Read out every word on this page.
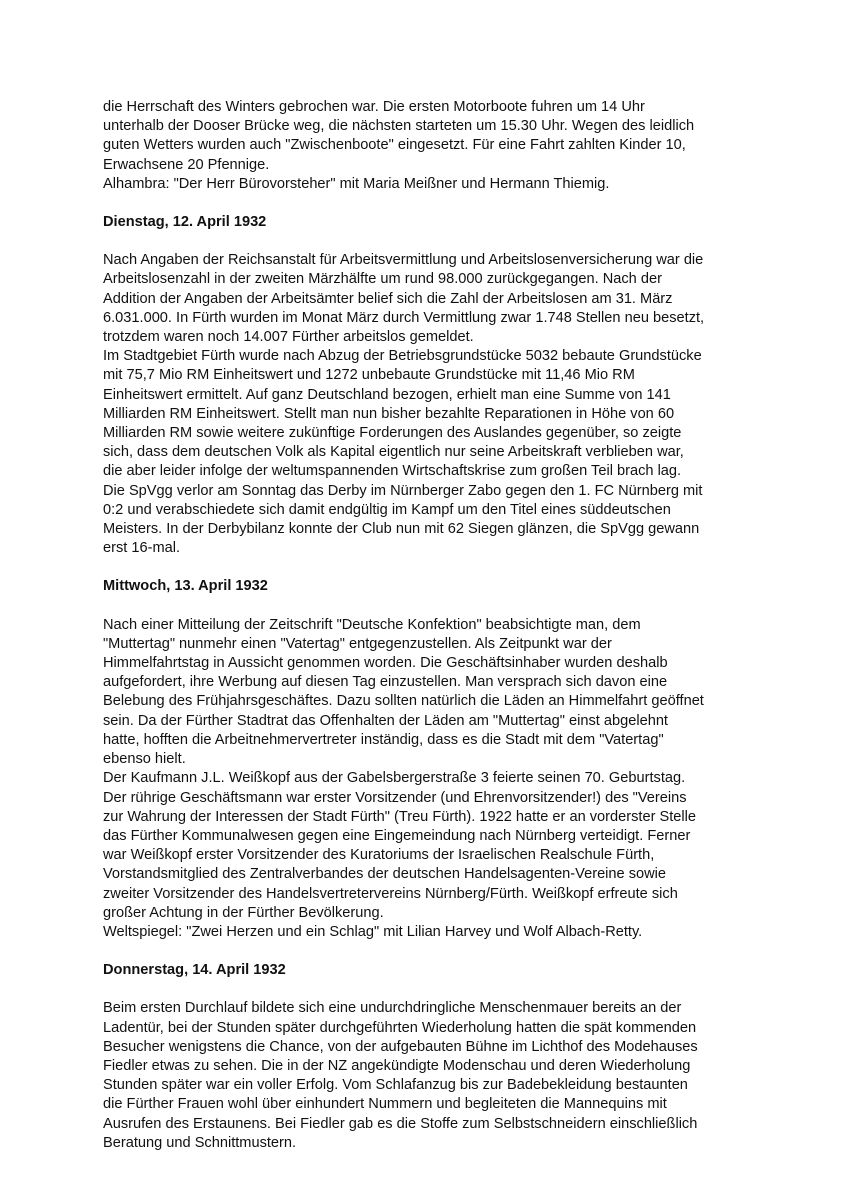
die Herrschaft des Winters gebrochen war. Die ersten Motorboote fuhren um 14 Uhr
unterhalb der Dooser Brücke weg, die nächsten starteten um 15.30 Uhr. Wegen des leidlich
guten Wetters wurden auch "Zwischenboote" eingesetzt. Für eine Fahrt zahlten Kinder 10,
Erwachsene 20 Pfennige.
Alhambra: "Der Herr Bürovorsteher" mit Maria Meißner und Hermann Thiemig.
Dienstag, 12. April 1932
Nach Angaben der Reichsanstalt für Arbeitsvermittlung und Arbeitslosenversicherung war die
Arbeitslosenzahl in der zweiten Märzhälfte um rund 98.000 zurückgegangen. Nach der
Addition der Angaben der Arbeitsämter belief sich die Zahl der Arbeitslosen am 31. März
6.031.000. In Fürth wurden im Monat März durch Vermittlung zwar 1.748 Stellen neu besetzt,
trotzdem waren noch 14.007 Fürther arbeitslos gemeldet.
Im Stadtgebiet Fürth wurde nach Abzug der Betriebsgrundstücke 5032 bebaute Grundstücke
mit 75,7 Mio RM Einheitswert und 1272 unbebaute Grundstücke mit 11,46 Mio RM
Einheitswert ermittelt. Auf ganz Deutschland bezogen, erhielt man eine Summe von 141
Milliarden RM Einheitswert. Stellt man nun bisher bezahlte Reparationen in Höhe von 60
Milliarden RM sowie weitere zukünftige Forderungen des Auslandes gegenüber, so zeigte
sich, dass dem deutschen Volk als Kapital eigentlich nur seine Arbeitskraft verblieben war,
die aber leider infolge der weltumspannenden Wirtschaftskrise zum großen Teil brach lag.
Die SpVgg verlor am Sonntag das Derby im Nürnberger Zabo gegen den 1. FC Nürnberg mit
0:2 und verabschiedete sich damit endgültig im Kampf um den Titel eines süddeutschen
Meisters. In der Derbybilanz konnte der Club nun mit 62 Siegen glänzen, die SpVgg gewann
erst 16-mal.
Mittwoch, 13. April 1932
Nach einer Mitteilung der Zeitschrift "Deutsche Konfektion" beabsichtigte man, dem
"Muttertag" nunmehr einen "Vatertag" entgegenzustellen. Als Zeitpunkt war der
Himmelfahrtstag in Aussicht genommen worden. Die Geschäftsinhaber wurden deshalb
aufgefordert, ihre Werbung auf diesen Tag einzustellen. Man versprach sich davon eine
Belebung des Frühjahrsgeschäftes. Dazu sollten natürlich die Läden an Himmelfahrt geöffnet
sein. Da der Fürther Stadtrat das Offenhalten der Läden am "Muttertag" einst abgelehnt
hatte, hofften die Arbeitnehmervertreter inständig, dass es die Stadt mit dem "Vatertag"
ebenso hielt.
Der Kaufmann J.L. Weißkopf aus der Gabelsbergerstraße 3 feierte seinen 70. Geburtstag.
Der rührige Geschäftsmann war erster Vorsitzender (und Ehrenvorsitzender!) des "Vereins
zur Wahrung der Interessen der Stadt Fürth" (Treu Fürth). 1922 hatte er an vorderster Stelle
das Fürther Kommunalwesen gegen eine Eingemeindung nach Nürnberg verteidigt. Ferner
war Weißkopf erster Vorsitzender des Kuratoriums der Israelischen Realschule Fürth,
Vorstandsmitglied des Zentralverbandes der deutschen Handelsagenten-Vereine sowie
zweiter Vorsitzender des Handelsvertretervereins Nürnberg/Fürth. Weißkopf erfreute sich
großer Achtung in der Fürther Bevölkerung.
Weltspiegel: "Zwei Herzen und ein Schlag" mit Lilian Harvey und Wolf Albach-Retty.
Donnerstag, 14. April 1932
Beim ersten Durchlauf bildete sich eine undurchdringliche Menschenmauer bereits an der
Ladentür, bei der Stunden später durchgeführten Wiederholung hatten die spät kommenden
Besucher wenigstens die Chance, von der aufgebauten Bühne im Lichthof des Modehauses
Fiedler etwas zu sehen. Die in der NZ angekündigte Modenschau und deren Wiederholung
Stunden später war ein voller Erfolg. Vom Schlafanzug bis zur Badebekleidung bestaunten
die Fürther Frauen wohl über einhundert Nummern und begleiteten die Mannequins mit
Ausrufen des Erstaunens. Bei Fiedler gab es die Stoffe zum Selbstschneidern einschließlich
Beratung und Schnittmustern.
